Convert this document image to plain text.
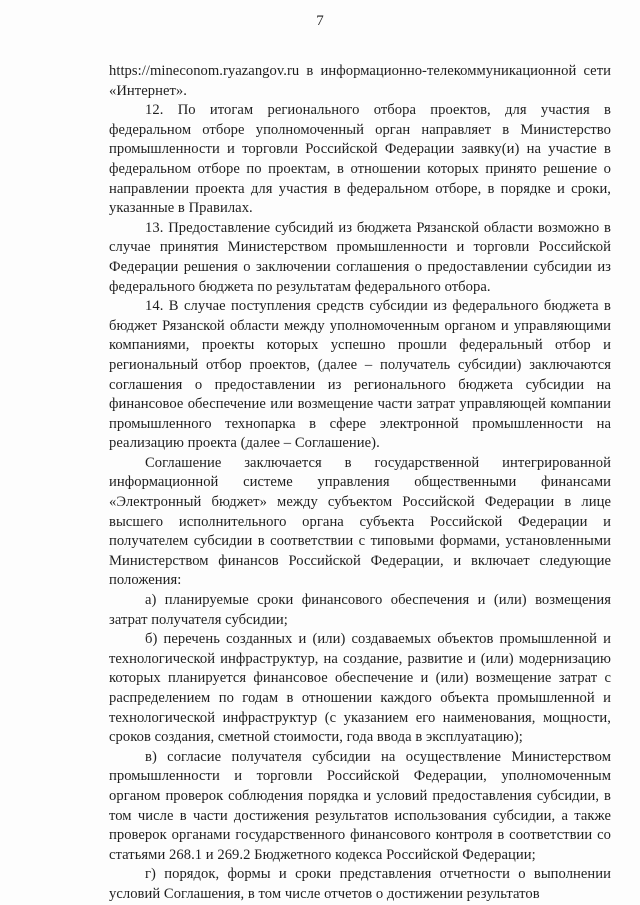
7

https://mineconom.ryazangov.ru в информационно-телекоммуникационной сети «Интернет».

12. По итогам регионального отбора проектов, для участия в федеральном отборе уполномоченный орган направляет в Министерство промышленности и торговли Российской Федерации заявку(и) на участие в федеральном отборе по проектам, в отношении которых принято решение о направлении проекта для участия в федеральном отборе, в порядке и сроки, указанные в Правилах.

13. Предоставление субсидий из бюджета Рязанской области возможно в случае принятия Министерством промышленности и торговли Российской Федерации решения о заключении соглашения о предоставлении субсидии из федерального бюджета по результатам федерального отбора.

14. В случае поступления средств субсидии из федерального бюджета в бюджет Рязанской области между уполномоченным органом и управляющими компаниями, проекты которых успешно прошли федеральный отбор и региональный отбор проектов, (далее – получатель субсидии) заключаются соглашения о предоставлении из регионального бюджета субсидии на финансовое обеспечение или возмещение части затрат управляющей компании промышленного технопарка в сфере электронной промышленности на реализацию проекта (далее – Соглашение).

Соглашение заключается в государственной интегрированной информационной системе управления общественными финансами «Электронный бюджет» между субъектом Российской Федерации в лице высшего исполнительного органа субъекта Российской Федерации и получателем субсидии в соответствии с типовыми формами, установленными Министерством финансов Российской Федерации, и включает следующие положения:

а) планируемые сроки финансового обеспечения и (или) возмещения затрат получателя субсидии;

б) перечень созданных и (или) создаваемых объектов промышленной и технологической инфраструктур, на создание, развитие и (или) модернизацию которых планируется финансовое обеспечение и (или) возмещение затрат с распределением по годам в отношении каждого объекта промышленной и технологической инфраструктур (с указанием его наименования, мощности, сроков создания, сметной стоимости, года ввода в эксплуатацию);

в) согласие получателя субсидии на осуществление Министерством промышленности и торговли Российской Федерации, уполномоченным органом проверок соблюдения порядка и условий предоставления субсидии, в том числе в части достижения результатов использования субсидии, а также проверок органами государственного финансового контроля в соответствии со статьями 268.1 и 269.2 Бюджетного кодекса Российской Федерации;

г) порядок, формы и сроки представления отчетности о выполнении условий Соглашения, в том числе отчетов о достижении результатов
